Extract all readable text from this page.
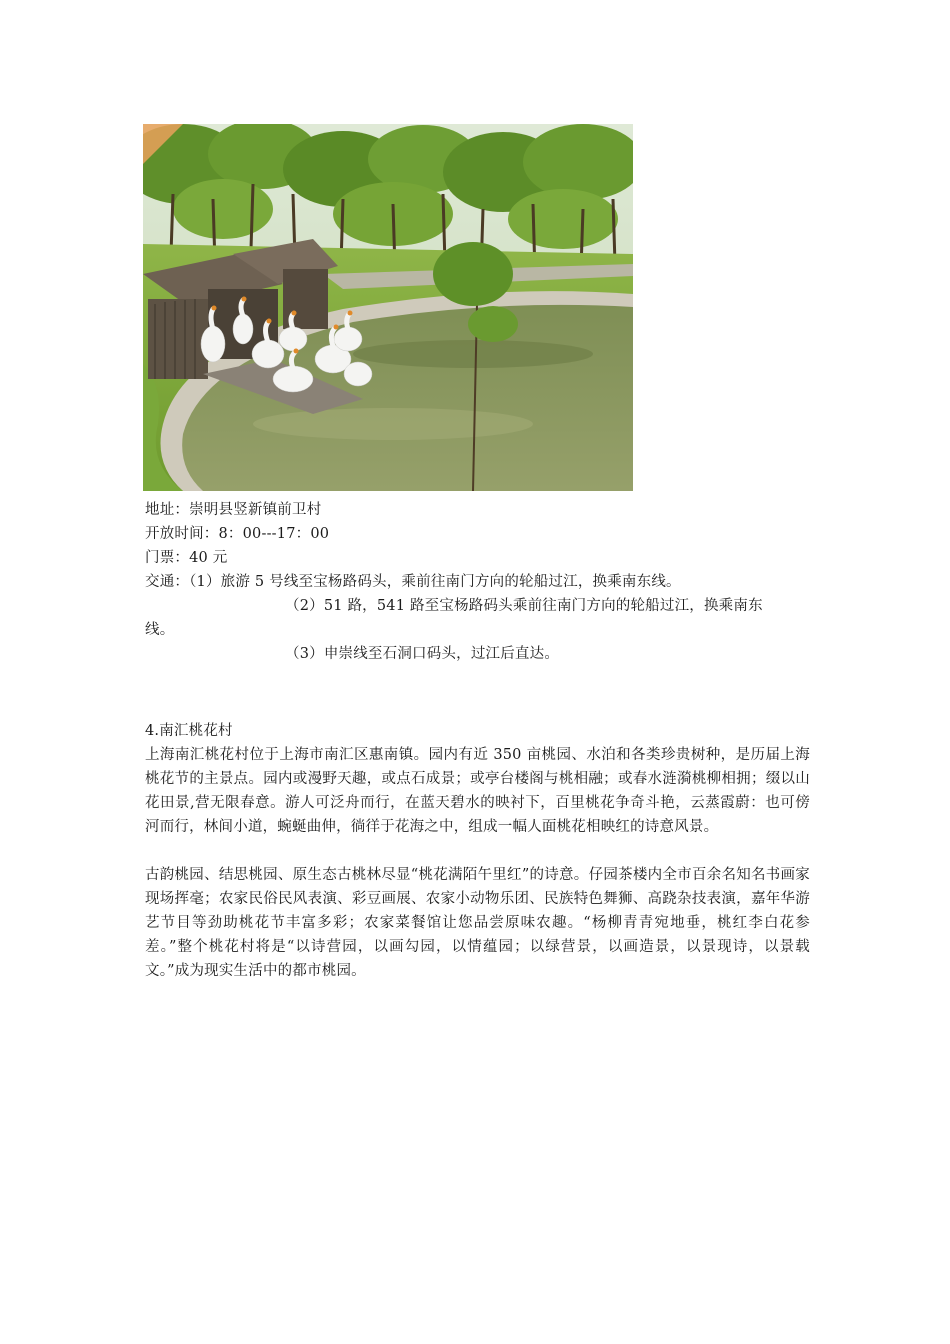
地址：崇明县竖新镇前卫村
开放时间：8：00---17：00
门票：40 元
交通：（1）旅游 5 号线至宝杨路码头，乘前往南门方向的轮船过江，换乘南东线。
（2）51 路，541 路至宝杨路码头乘前往南门方向的轮船过江，换乘南东
线。
（3）申崇线至石洞口码头，过江后直达。
4.南汇桃花村
上海南汇桃花村位于上海市南汇区惠南镇。园内有近 350 亩桃园、水泊和各类珍贵树种，是历届上海桃花节的主景点。园内或漫野天趣，或点石成景；或亭台楼阁与桃相融；或春水涟漪桃柳相拥；缀以山花田景,营无限春意。游人可泛舟而行，在蓝天碧水的映衬下，百里桃花争奇斗艳，云蒸霞蔚：也可傍河而行，林间小道，蜿蜒曲伸，徜徉于花海之中，组成一幅人面桃花相映红的诗意风景。
古韵桃园、结思桃园、原生态古桃林尽显“桃花满陌午里红”的诗意。仔园茶楼内全市百余名知名书画家现场挥毫；农家民俗民风表演、彩豆画展、农家小动物乐团、民族特色舞狮、高跷杂技表演，嘉年华游艺节目等劲助桃花节丰富多彩；农家菜餐馆让您品尝原味农趣。“杨柳青青宛地垂，桃红李白花参差。”整个桃花村将是“以诗营园，以画勾园，以情蕴园；以绿营景，以画造景，以景现诗，以景载文。”成为现实生活中的都市桃园。
